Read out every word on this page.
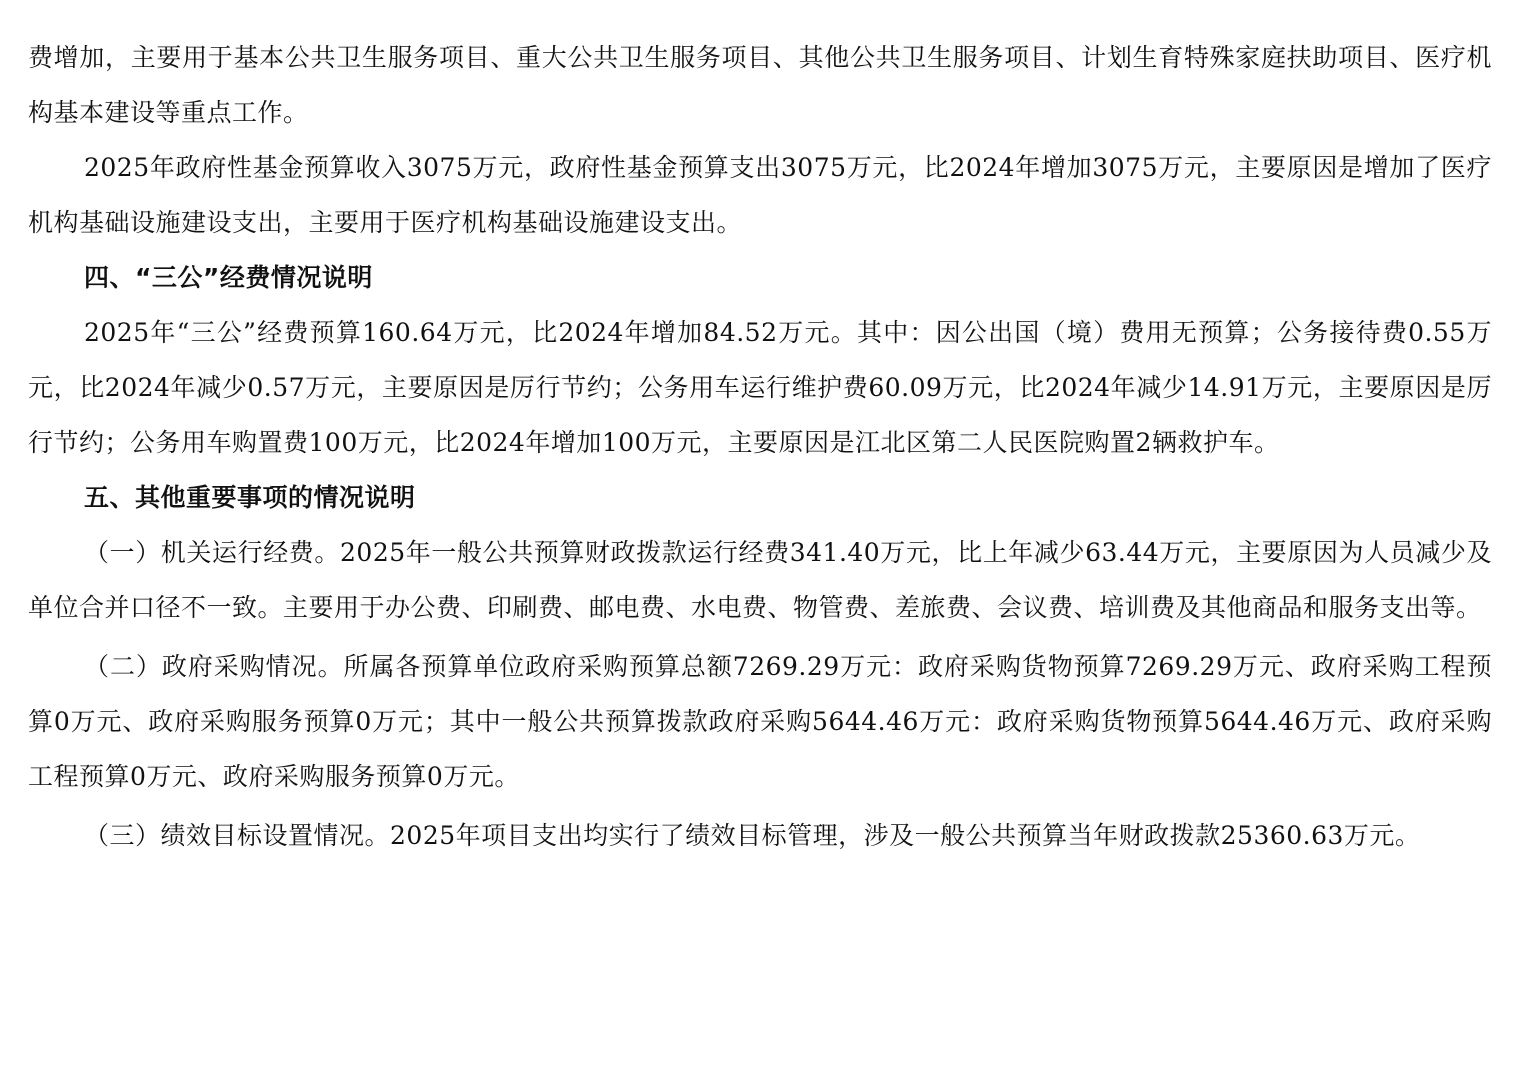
费增加，主要用于基本公共卫生服务项目、重大公共卫生服务项目、其他公共卫生服务项目、计划生育特殊家庭扶助项目、医疗机构基本建设等重点工作。

2025年政府性基金预算收入3075万元，政府性基金预算支出3075万元，比2024年增加3075万元，主要原因是增加了医疗机构基础设施建设支出，主要用于医疗机构基础设施建设支出。

四、“三公”经费情况说明

2025年“三公”经费预算160.64万元，比2024年增加84.52万元。其中：因公出国（境）费用无预算；公务接待费0.55万元，比2024年减少0.57万元，主要原因是厉行节约；公务用车运行维护费60.09万元，比2024年减少14.91万元，主要原因是厉行节约；公务用车购置费100万元，比2024年增加100万元，主要原因是江北区第二人民医院购置2辆救护车。

五、其他重要事项的情况说明

（一）机关运行经费。2025年一般公共预算财政拨款运行经费341.40万元，比上年减少63.44万元，主要原因为人员减少及单位合并口径不一致。主要用于办公费、印刷费、邮电费、水电费、物管费、差旅费、会议费、培训费及其他商品和服务支出等。

（二）政府采购情况。所属各预算单位政府采购预算总额7269.29万元：政府采购货物预算7269.29万元、政府采购工程预算0万元、政府采购服务预算0万元；其中一般公共预算拨款政府采购5644.46万元：政府采购货物预算5644.46万元、政府采购工程预算0万元、政府采购服务预算0万元。

（三）绩效目标设置情况。2025年项目支出均实行了绩效目标管理，涉及一般公共预算当年财政拨款25360.63万元。
